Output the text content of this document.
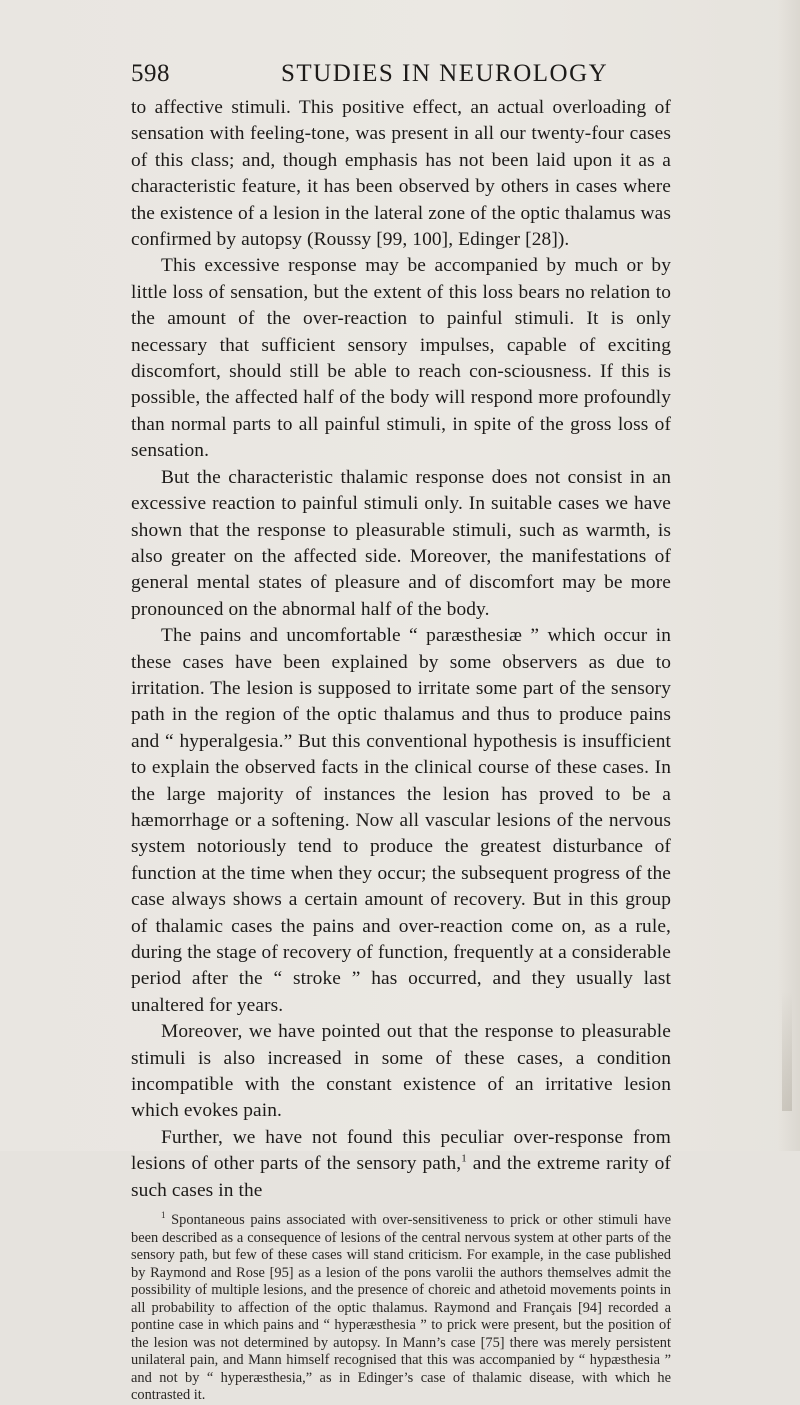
598	STUDIES IN NEUROLOGY

to affective stimuli. This positive effect, an actual overloading of sensation with feeling-tone, was present in all our twenty-four cases of this class; and, though emphasis has not been laid upon it as a characteristic feature, it has been observed by others in cases where the existence of a lesion in the lateral zone of the optic thalamus was confirmed by autopsy (Roussy [99, 100], Edinger [28]).

This excessive response may be accompanied by much or by little loss of sensation, but the extent of this loss bears no relation to the amount of the over-reaction to painful stimuli. It is only necessary that sufficient sensory impulses, capable of exciting discomfort, should still be able to reach con-sciousness. If this is possible, the affected half of the body will respond more profoundly than normal parts to all painful stimuli, in spite of the gross loss of sensation.

But the characteristic thalamic response does not consist in an excessive reaction to painful stimuli only. In suitable cases we have shown that the response to pleasurable stimuli, such as warmth, is also greater on the affected side. Moreover, the manifestations of general mental states of pleasure and of discomfort may be more pronounced on the abnormal half of the body.

The pains and uncomfortable “ paræsthesiæ ” which occur in these cases have been explained by some observers as due to irritation. The lesion is supposed to irritate some part of the sensory path in the region of the optic thalamus and thus to produce pains and “ hyperalgesia.” But this conventional hypothesis is insufficient to explain the observed facts in the clinical course of these cases. In the large majority of instances the lesion has proved to be a hæmorrhage or a softening. Now all vascular lesions of the nervous system notoriously tend to produce the greatest disturbance of function at the time when they occur; the subsequent progress of the case always shows a certain amount of recovery. But in this group of thalamic cases the pains and over-reaction come on, as a rule, during the stage of recovery of function, frequently at a considerable period after the “ stroke ” has occurred, and they usually last unaltered for years.

Moreover, we have pointed out that the response to pleasurable stimuli is also increased in some of these cases, a condition incompatible with the constant existence of an irritative lesion which evokes pain.

Further, we have not found this peculiar over-response from lesions of other parts of the sensory path,$^1$ and the extreme rarity of such cases in the

$^1$ Spontaneous pains associated with over-sensitiveness to prick or other stimuli have been described as a consequence of lesions of the central nervous system at other parts of the sensory path, but few of these cases will stand criticism. For example, in the case published by Raymond and Rose [95] as a lesion of the pons varolii the authors themselves admit the possibility of multiple lesions, and the presence of choreic and athetoid movements points in all probability to affection of the optic thalamus. Raymond and Français [94] recorded a pontine case in which pains and “ hyperæsthesia ” to prick were present, but the position of the lesion was not determined by autopsy. In Mann’s case [75] there was merely persistent unilateral pain, and Mann himself recognised that this was accompanied by “ hypæsthesia ” and not by “ hyperæsthesia,” as in Edinger’s case of thalamic disease, with which he contrasted it.
